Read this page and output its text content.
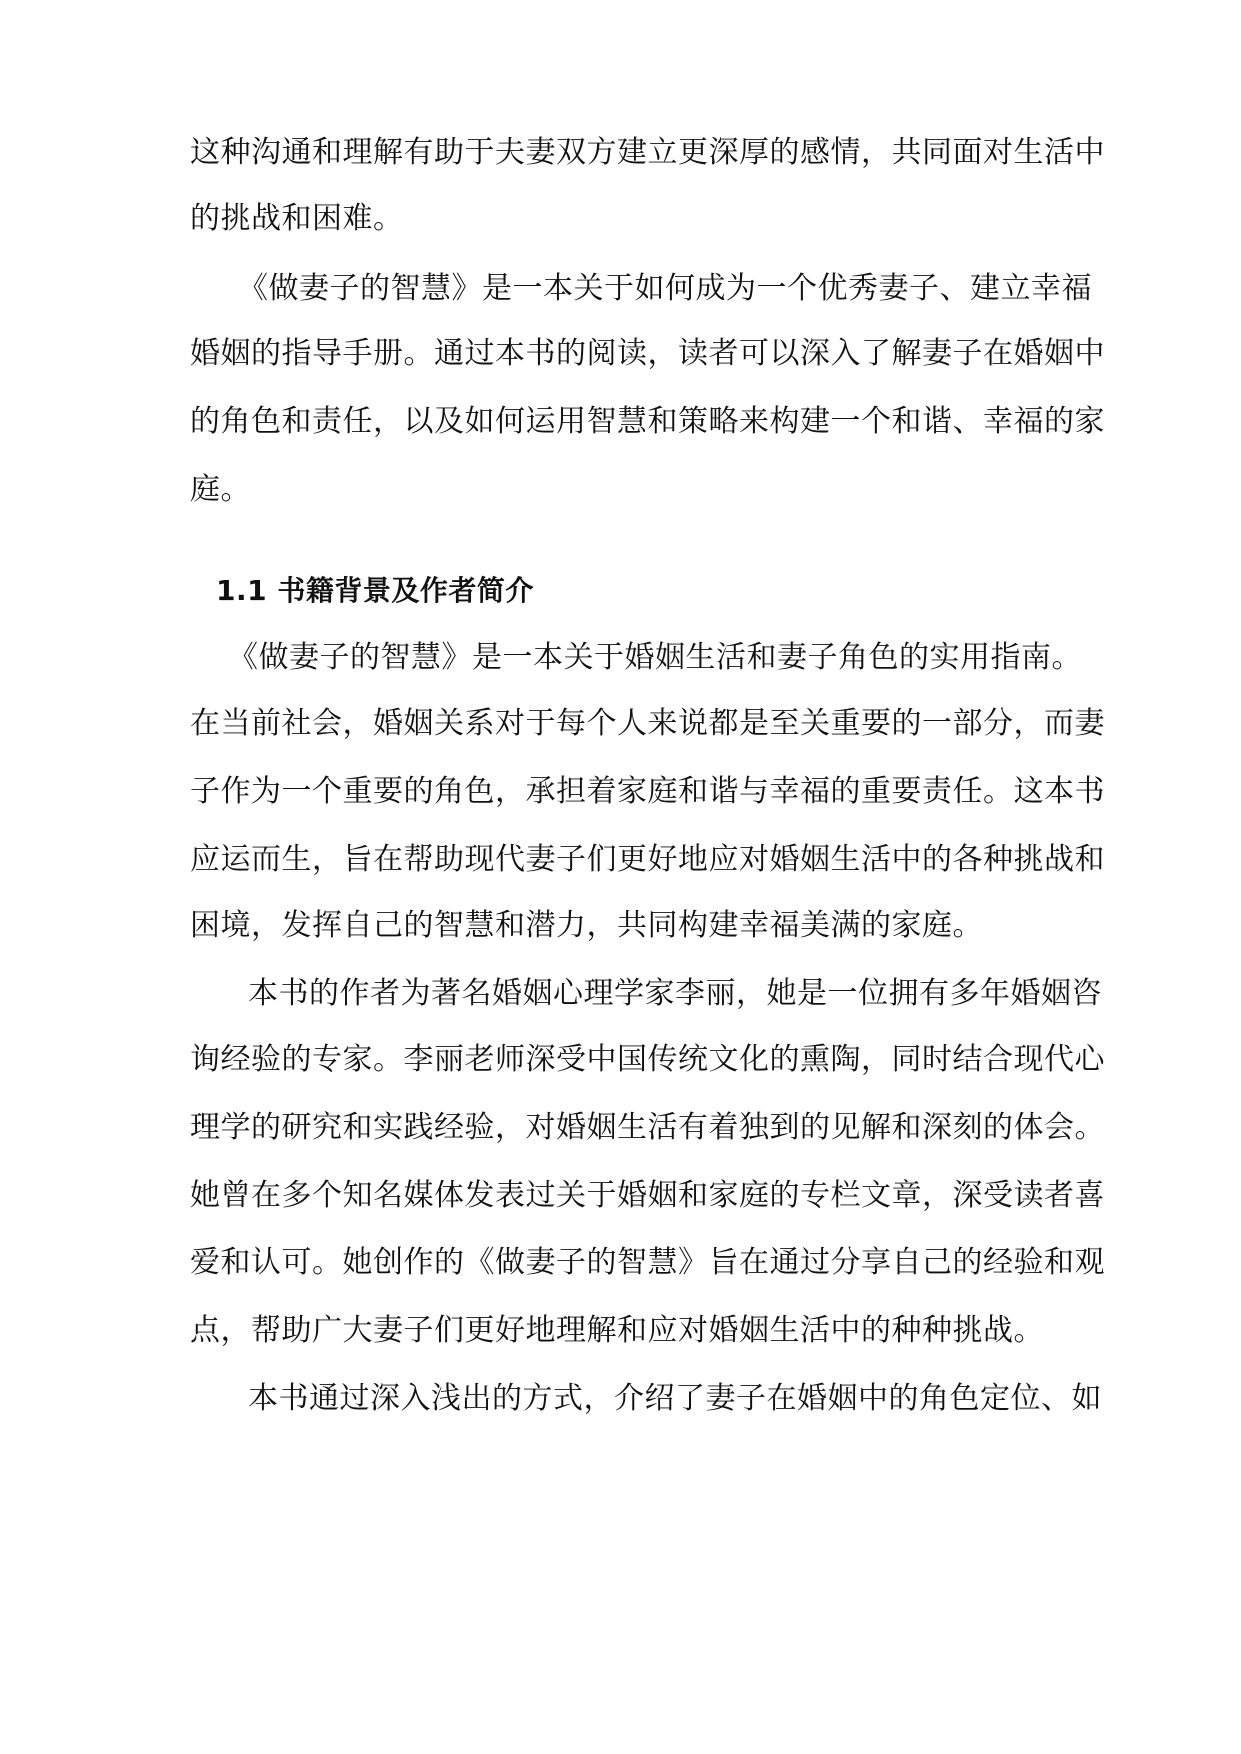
这种沟通和理解有助于夫妻双方建立更深厚的感情，共同面对生活中
的挑战和困难。
《做妻子的智慧》是一本关于如何成为一个优秀妻子、建立幸福
婚姻的指导手册。通过本书的阅读，读者可以深入了解妻子在婚姻中
的角色和责任，以及如何运用智慧和策略来构建一个和谐、幸福的家
庭。
1.1 书籍背景及作者简介
《做妻子的智慧》是一本关于婚姻生活和妻子角色的实用指南。
在当前社会，婚姻关系对于每个人来说都是至关重要的一部分，而妻
子作为一个重要的角色，承担着家庭和谐与幸福的重要责任。这本书
应运而生，旨在帮助现代妻子们更好地应对婚姻生活中的各种挑战和
困境，发挥自己的智慧和潜力，共同构建幸福美满的家庭。
本书的作者为著名婚姻心理学家李丽，她是一位拥有多年婚姻咨
询经验的专家。李丽老师深受中国传统文化的熏陶，同时结合现代心
理学的研究和实践经验，对婚姻生活有着独到的见解和深刻的体会。
她曾在多个知名媒体发表过关于婚姻和家庭的专栏文章，深受读者喜
爱和认可。她创作的《做妻子的智慧》旨在通过分享自己的经验和观
点，帮助广大妻子们更好地理解和应对婚姻生活中的种种挑战。
本书通过深入浅出的方式，介绍了妻子在婚姻中的角色定位、如
